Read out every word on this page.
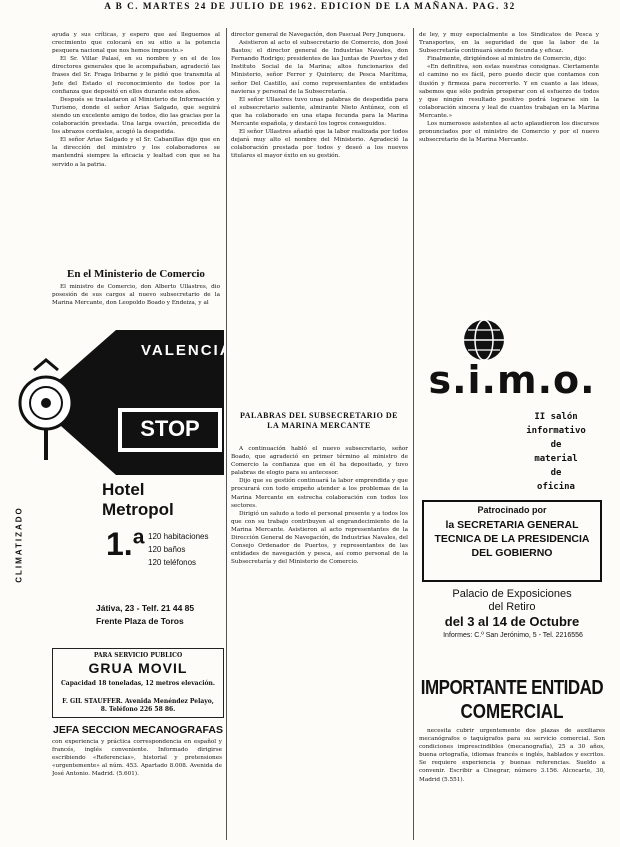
A B C. MARTES 24 DE JULIO DE 1962. EDICION DE LA MAÑANA. PAG. 32

ayuda y sus críticas, y espero que así lleguemos al crecimiento que colocará en su sitio a la potencia pesquera nacional que nos hemos impuesto.»

El Sr. Villar Palasí, en su nombre y en el de los directores generales que le acompañaban, agradeció las frases del Sr. Fraga Iribarne y le pidió que transmita al Jefe del Estado el reconocimiento de todos por la confianza que depositó en ellos durante estos años.

Después se trasladaron al Ministerio de Información y Turismo, donde el señor Arias Salgado, que seguirá siendo un excelente amigo de todos, dio las gracias por la colaboración prestada. Una larga ovación, precedida de los abrazos cordiales, acogió la despedida.

El señor Arias Salgado y el Sr. Cabanillas dijo que en la dirección del ministro y los colaboradores se mantendrá siempre la eficacia y lealtad con que se ha servido a la patria.

En el Ministerio de Comercio

El ministro de Comercio, don Alberto Ullastres, dio posesión de sus cargos al nuevo subsecretario de la Marina Mercante, don Leopoldo Boado y Endeiza, y al

VALENCIA
STOP
CLIMATIZADO
Hotel Metropol
1.ª 120 habitaciones
120 baños
120 teléfonos
Játiva, 23 - Telf. 21 44 85
Frente Plaza de Toros
PARA SERVICIO PUBLICO
GRUA MOVIL
Capacidad 18 toneladas, 12 metros elevación.
F. GIL STAUFFER. Avenida Menéndez Pelayo, 8. Teléfono 226 58 86.
JEFA SECCION MECANOGRAFAS

con experiencia y práctica correspondencia en español y francés, inglés conveniente. Informado dirigirse escribiendo «Referencias», historial y pretensiones «urgentemente» al núm. 453. Apartado 8.008. Avenida de José Antonio. Madrid. (5.601).

director general de Navegación, don Pascual Pery Junquera.

Asistieron al acto el subsecretario de Comercio, don José Bastos; el director general de Industrias Navales, don Fernando Rodrigo; presidentes de las Juntas de Puertos y del Instituto Social de la Marina; altos funcionarios del Ministerio, señor Ferrer y Quintero; de Pesca Marítima, señor Del Castillo, así como representantes de entidades navieras y personal de la Subsecretaría.

El señor Ullastres tuvo unas palabras de despedida para el subsecretario saliente, almirante Nieto Antúnez, con el que ha colaborado en una etapa fecunda para la Marina Mercante española, y destacó los logros conseguidos.

El señor Ullastres añadió que la labor realizada por todos dejará muy alto el nombre del Ministerio. Agradeció la colaboración prestada por todos y deseó a los nuevos titulares el mayor éxito en su gestión.

PALABRAS DEL SUBSECRETARIO DE LA MARINA MERCANTE

A continuación habló el nuevo subsecretario, señor Boado, que agradeció en primer término al ministro de Comercio la confianza que en él ha depositado, y tuvo palabras de elogio para su antecesor.

Dijo que su gestión continuará la labor emprendida y que procurará con todo empeño atender a los problemas de la Marina Mercante en estrecha colaboración con todos los sectores.

Dirigió un saludo a todo el personal presente y a todos los que con su trabajo contribuyen al engrandecimiento de la Marina Mercante. Asistieron al acto representantes de la Dirección General de Navegación, de Industrias Navales, del Consejo Ordenador de Puertos, y representantes de las entidades de navegación y pesca, así como personal de la Subsecretaría y del Ministerio de Comercio.

de ley, y muy especialmente a los Sindicatos de Pesca y Transportes, en la seguridad de que la labor de la Subsecretaría continuará siendo fecunda y eficaz.

Finalmente, dirigiéndose al ministro de Comercio, dijo:

«En definitiva, son estas nuestras consignas. Ciertamente el camino no es fácil, pero puedo decir que contamos con ilusión y firmeza para recorrerlo. Y en cuanto a las ideas, sabemos que sólo podrán prosperar con el esfuerzo de todos y que ningún resultado positivo podrá lograrse sin la colaboración sincera y leal de cuantos trabajan en la Marina Mercante.»

Los numerosos asistentes al acto aplaudieron los discursos pronunciados por el ministro de Comercio y por el nuevo subsecretario de la Marina Mercante.

s.i.m.o.
II salón
informativo
de
material
de
oficina
Patrocinado por
la SECRETARIA GENERAL TECNICA DE LA PRESIDENCIA DEL GOBIERNO
Palacio de Exposiciones
del Retiro
del 3 al 14 de Octubre
Informes: C.º San Jerónimo, 5 - Tel. 2216556
IMPORTANTE ENTIDAD
COMERCIAL

necesita cubrir urgentemente dos plazas de auxiliares mecanógrafos o taquígrafos para su servicio comercial. Son condiciones imprescindibles (mecanografía), 25 a 30 años, buena ortografía, idiomas francés e inglés, hablados y escritos. Se requiere experiencia y buenas referencias. Sueldo a convenir. Escribir a Cinegrar, número 3.156. Alcocarte, 30, Madrid (5.551).
